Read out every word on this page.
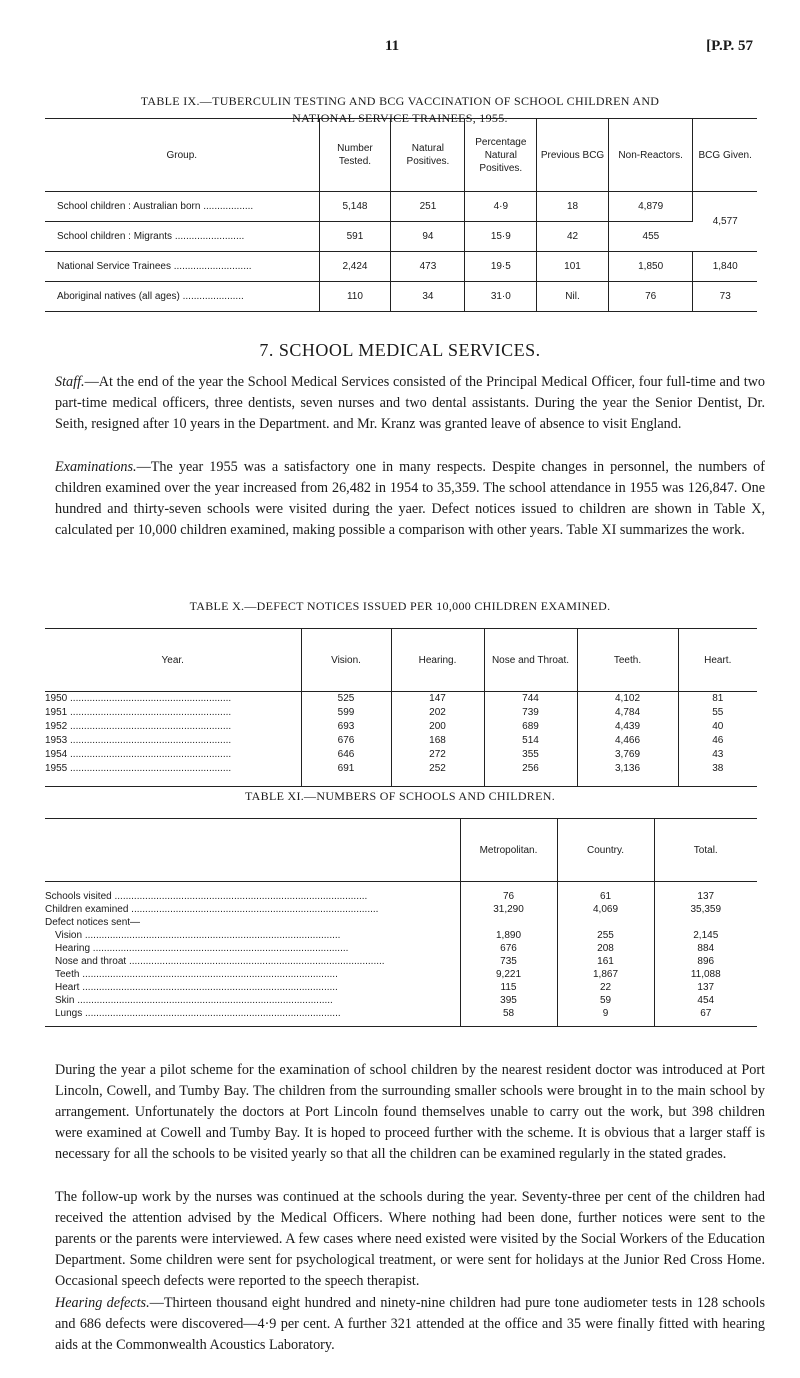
11	[P.P. 57
TABLE IX.—TUBERCULIN TESTING AND BCG VACCINATION OF SCHOOL CHILDREN AND
NATIONAL SERVICE TRAINEES, 1955.
Group.	Number Tested.	Natural Positives.	Percentage Natural Positives.	Previous BCG	Non-Reactors.	BCG Given.
School children : Australian born ..................	5,148	251	4·9	18	4,879	4,577
School children : Migrants .........................	591	94	15·9	42	455	
National Service Trainees ............................	2,424	473	19·5	101	1,850	1,840
Aboriginal natives (all ages) ......................	110	34	31·0	Nil.	76	73
7. SCHOOL MEDICAL SERVICES.
Staff.—At the end of the year the School Medical Services consisted of the Principal Medical Officer, four full-time and two part-time medical officers, three dentists, seven nurses and two dental assistants. During the year the Senior Dentist, Dr. Seith, resigned after 10 years in the Department. and Mr. Kranz was granted leave of absence to visit England.
Examinations.—The year 1955 was a satisfactory one in many respects. Despite changes in personnel, the numbers of children examined over the year increased from 26,482 in 1954 to 35,359. The school attendance in 1955 was 126,847. One hundred and thirty-seven schools were visited during the yaer. Defect notices issued to children are shown in Table X, calculated per 10,000 children examined, making possible a comparison with other years. Table XI summarizes the work.
TABLE X.—DEFECT NOTICES ISSUED PER 10,000 CHILDREN EXAMINED.
Year.	Vision.	Hearing.	Nose and Throat.	Teeth.	Heart.
1950 ..........................................................	525	147	744	4,102	81
1951 ..........................................................	599	202	739	4,784	55
1952 ..........................................................	693	200	689	4,439	40
1953 ..........................................................	676	168	514	4,466	46
1954 ..........................................................	646	272	355	3,769	43
1955 ..........................................................	691	252	256	3,136	38
TABLE XI.—NUMBERS OF SCHOOLS AND CHILDREN.
	Metropolitan.	Country.	Total.
Schools visited ...........................................................................................	76	61	137
Children examined .........................................................................................	31,290	4,069	35,359
Defect notices sent—			
Vision ............................................................................................	1,890	255	2,145
Hearing ............................................................................................	676	208	884
Nose and throat ............................................................................................	735	161	896
Teeth ............................................................................................	9,221	1,867	11,088
Heart ............................................................................................	115	22	137
Skin ............................................................................................	395	59	454
Lungs ............................................................................................	58	9	67
During the year a pilot scheme for the examination of school children by the nearest resident doctor was introduced at Port Lincoln, Cowell, and Tumby Bay. The children from the surrounding smaller schools were brought in to the main school by arrangement. Unfortunately the doctors at Port Lincoln found themselves unable to carry out the work, but 398 children were examined at Cowell and Tumby Bay. It is hoped to proceed further with the scheme. It is obvious that a larger staff is necessary for all the schools to be visited yearly so that all the children can be examined regularly in the stated grades.
The follow-up work by the nurses was continued at the schools during the year. Seventy-three per cent of the children had received the attention advised by the Medical Officers. Where nothing had been done, further notices were sent to the parents or the parents were interviewed. A few cases where need existed were visited by the Social Workers of the Education Department. Some children were sent for psychological treatment, or were sent for holidays at the Junior Red Cross Home. Occasional speech defects were reported to the speech therapist.
Hearing defects.—Thirteen thousand eight hundred and ninety-nine children had pure tone audiometer tests in 128 schools and 686 defects were discovered—4·9 per cent. A further 321 attended at the office and 35 were finally fitted with hearing aids at the Commonwealth Acoustics Laboratory.
